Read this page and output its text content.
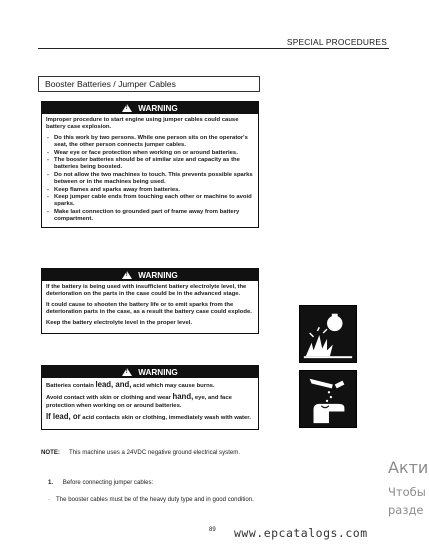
SPECIAL PROCEDURES
Booster Batteries / Jumper Cables
!
WARNING

Improper procedure to start engine using jumper cables could cause battery case explosion.

- Do this work by two persons. While one person sits on the operator's seat, the other person connects jumper cables.
- Wear eye or face protection when working on or around batteries.
- The booster batteries should be of similar size and capacity as the batteries being boosted.
- Do not allow the two machines to touch. This prevents possible sparks between or in the machines being used.
- Keep flames and sparks away from batteries.
- Keep jumper cable ends from touching each other or machine to avoid sparks.
- Make last connection to grounded part of frame away from battery compartment.
!
WARNING

If the battery is being used with insufficient battery electrolyte level, the deterioration on the parts in the case could be in the advanced stage.

It could cause to shooten the battery life or to emit sparks from the deterioration parts in the case, as a result the battery case could explode.

Keep the battery electrolyte level in the proper level.

!
WARNING

Batteries contain lead, and, acid which may cause burns.

Avoid contact with skin or clothing and wear hand, eye, and face protection when working on or around batteries.

If lead, or acid contacts skin or clothing, immediately wash with water.

NOTE: This machine uses a 24VDC negative ground electrical system.
1. Before connecting jumper cables:
· The booster cables must be of the heavy duty type and in good condition.
89 www.epcatalogs.com
Акти
Чтобы
разде
